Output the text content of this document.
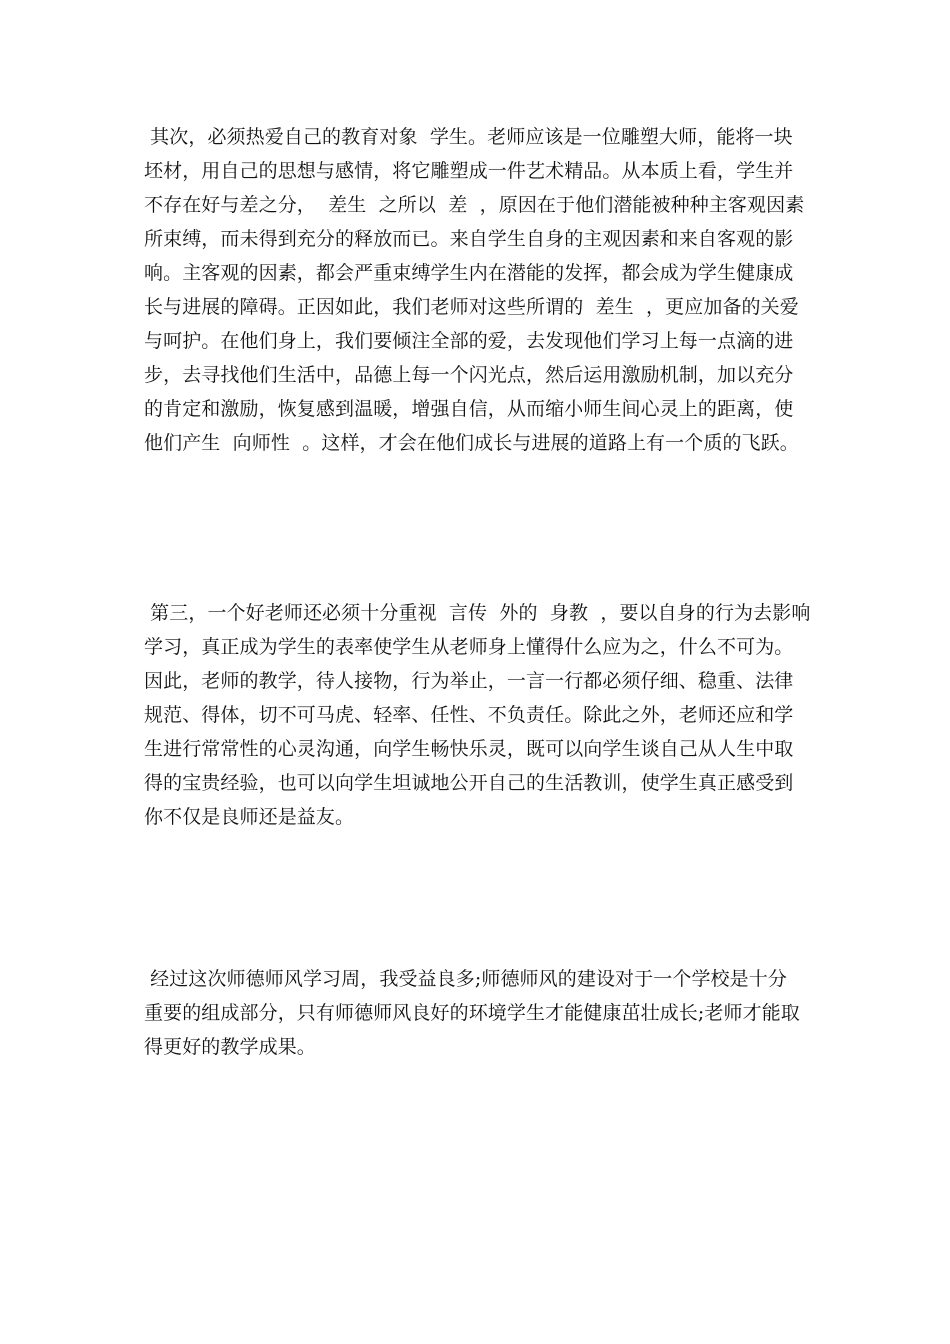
其次，必须热爱自己的教育对象  学生。老师应该是一位雕塑大师，能将一块
坯材，用自己的思想与感情，将它雕塑成一件艺术精品。从本质上看，学生并
不存在好与差之分，  差生  之所以  差  ，原因在于他们潜能被种种主客观因素
所束缚，而未得到充分的释放而已。来自学生自身的主观因素和来自客观的影
响。主客观的因素，都会严重束缚学生内在潜能的发挥，都会成为学生健康成
长与进展的障碍。正因如此，我们老师对这些所谓的  差生  ，更应加备的关爱
与呵护。在他们身上，我们要倾注全部的爱，去发现他们学习上每一点滴的进
步，去寻找他们生活中，品德上每一个闪光点，然后运用激励机制，加以充分
的肯定和激励，恢复感到温暖，增强自信，从而缩小师生间心灵上的距离，使
他们产生  向师性  。这样，才会在他们成长与进展的道路上有一个质的飞跃。
第三，一个好老师还必须十分重视  言传  外的  身教  ，要以自身的行为去影响
学习，真正成为学生的表率使学生从老师身上懂得什么应为之，什么不可为。
因此，老师的教学，待人接物，行为举止，一言一行都必须仔细、稳重、法律
规范、得体，切不可马虎、轻率、任性、不负责任。除此之外，老师还应和学
生进行常常性的心灵沟通，向学生畅快乐灵，既可以向学生谈自己从人生中取
得的宝贵经验，也可以向学生坦诚地公开自己的生活教训，使学生真正感受到
你不仅是良师还是益友。
经过这次师德师风学习周，我受益良多;师德师风的建设对于一个学校是十分
重要的组成部分，只有师德师风良好的环境学生才能健康茁壮成长;老师才能取
得更好的教学成果。
